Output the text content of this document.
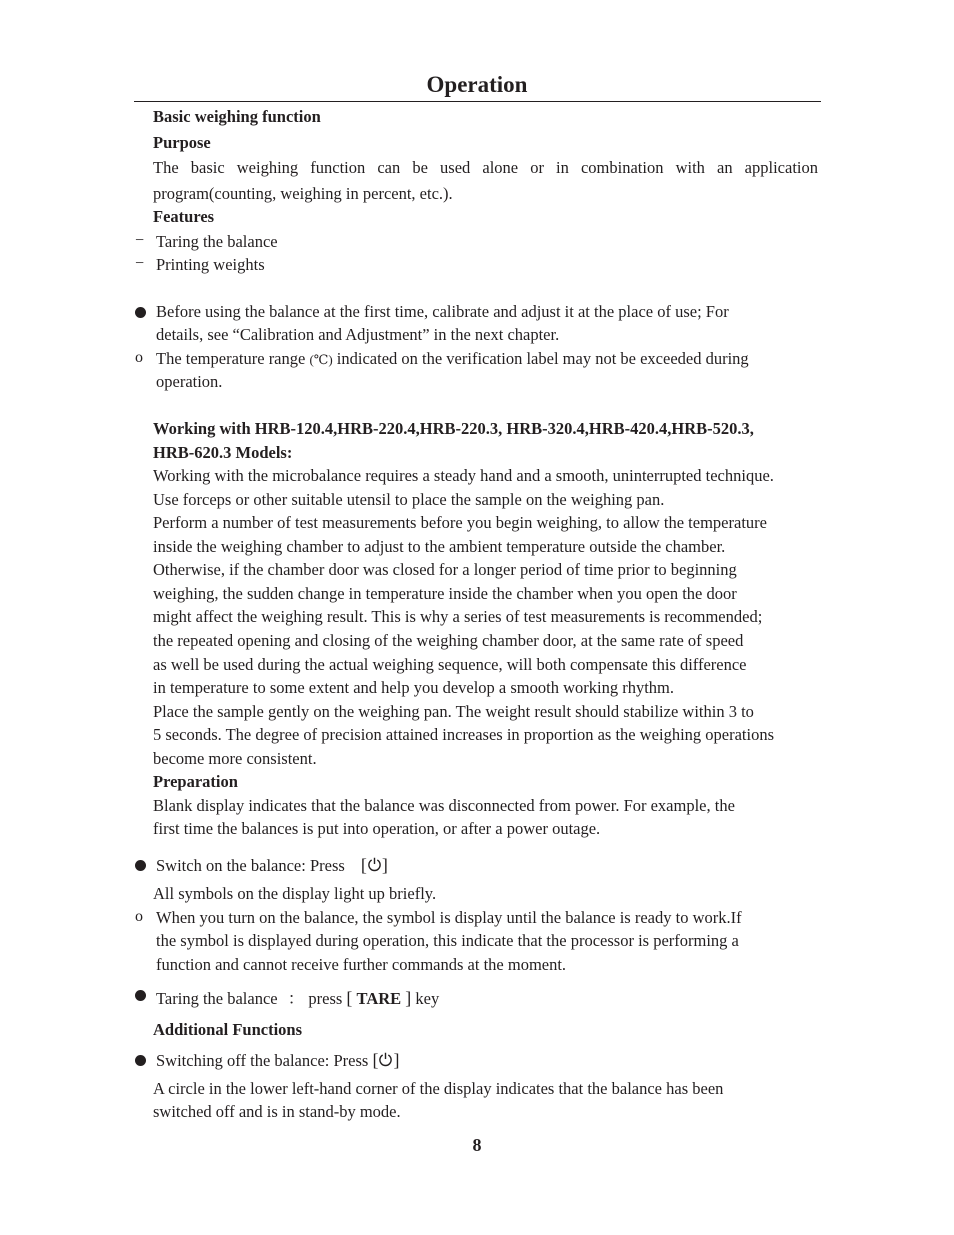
Operation
Basic weighing function
Purpose
The basic weighing function can be used alone or in combination with an application
program(counting, weighing in percent, etc.).
Features
− Taring the balance
− Printing weights
Before using the balance at the first time, calibrate and adjust it at the place of use; For
details, see “Calibration and Adjustment” in the next chapter.
o The temperature range (℃) indicated on the verification label may not be exceeded during
operation.
Working with HRB-120.4,HRB-220.4,HRB-220.3, HRB-320.4,HRB-420.4,HRB-520.3,
HRB-620.3 Models:
Working with the microbalance requires a steady hand and a smooth, uninterrupted technique.
Use forceps or other suitable utensil to place the sample on the weighing pan.
Perform a number of test measurements before you begin weighing, to allow the temperature
inside the weighing chamber to adjust to the ambient temperature outside the chamber.
Otherwise, if the chamber door was closed for a longer period of time prior to beginning
weighing, the sudden change in temperature inside the chamber when you open the door
might affect the weighing result. This is why a series of test measurements is recommended;
the repeated opening and closing of the weighing chamber door, at the same rate of speed
as well be used during the actual weighing sequence, will both compensate this difference
in temperature to some extent and help you develop a smooth working rhythm.
Place the sample gently on the weighing pan. The weight result should stabilize within 3 to
5 seconds. The degree of precision attained increases in proportion as the weighing operations
become more consistent.
Preparation
Blank display indicates that the balance was disconnected from power. For example, the
first time the balances is put into operation, or after a power outage.
Switch on the balance: Press [ ]
All symbols on the display light up briefly.
o When you turn on the balance, the symbol is display until the balance is ready to work.If
the symbol is displayed during operation, this indicate that the processor is performing a
function and cannot receive further commands at the moment.
Taring the balance ： press [ TARE ] key
Additional Functions
Switching off the balance: Press [ ]
A circle in the lower left-hand corner of the display indicates that the balance has been
switched off and is in stand-by mode.
8
